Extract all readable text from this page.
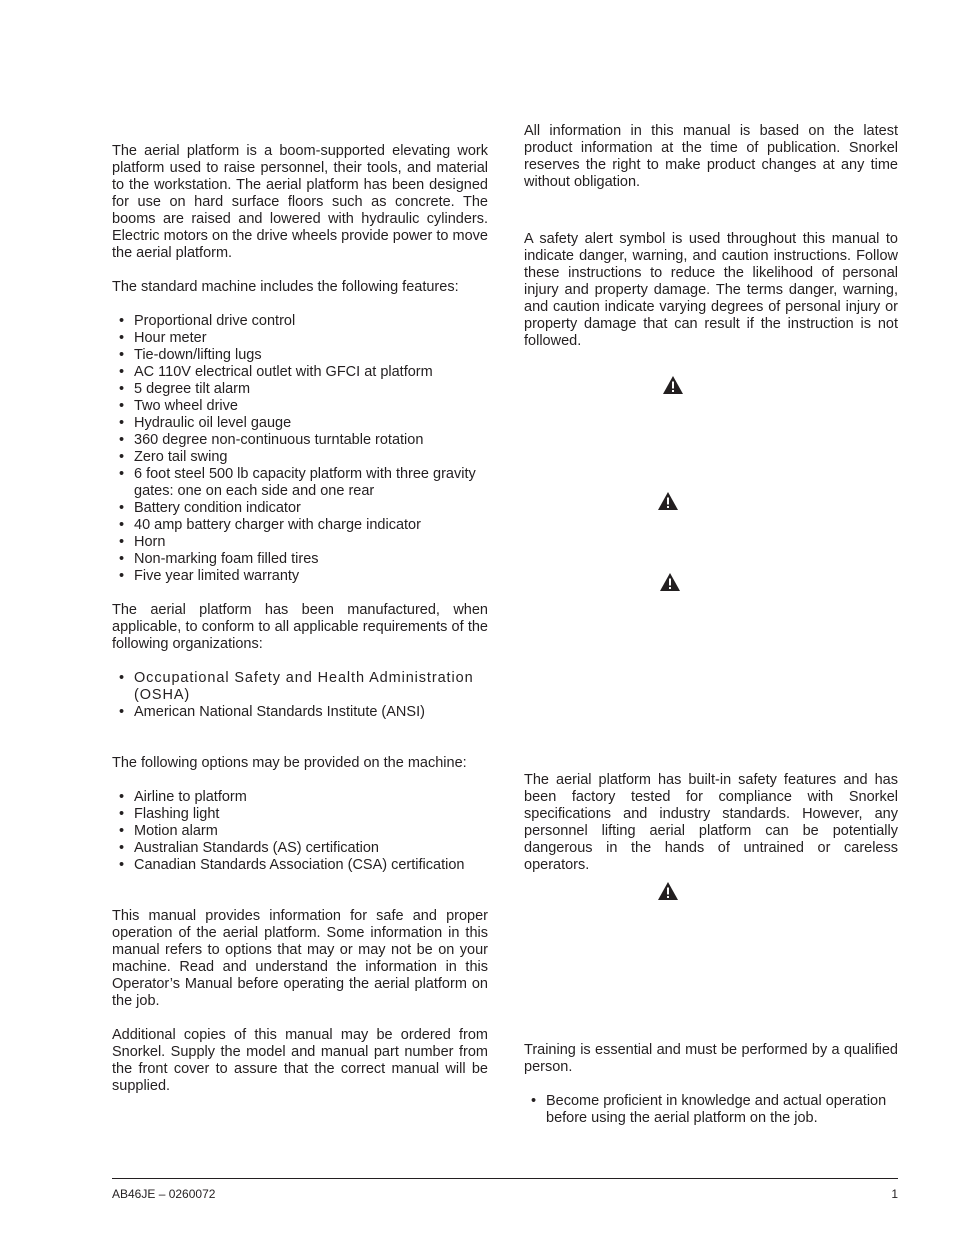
The aerial platform is a boom-supported elevating work platform used to raise personnel, their tools, and material to the workstation. The aerial platform has been designed for use on hard surface floors such as concrete. The booms are raised and lowered with hydraulic cylinders. Electric motors on the drive wheels provide power to move the aerial platform.

The standard machine includes the following features:

• Proportional drive control
• Hour meter
• Tie-down/lifting lugs
• AC 110V electrical outlet with GFCI at platform
• 5 degree tilt alarm
• Two wheel drive
• Hydraulic oil level gauge
• 360 degree non-continuous turntable rotation
• Zero tail swing
• 6 foot steel 500 lb capacity platform with three gravity gates: one on each side and one rear
• Battery condition indicator
• 40 amp battery charger with charge indicator
• Horn
• Non-marking foam filled tires
• Five year limited warranty

The aerial platform has been manufactured, when applicable, to conform to all applicable requirements of the following organizations:

• Occupational Safety and Health Administration (OSHA)
• American National Standards Institute (ANSI)

The following options may be provided on the machine:

• Airline to platform
• Flashing light
• Motion alarm
• Australian Standards (AS) certification
• Canadian Standards Association (CSA) certification

This manual provides information for safe and proper operation of the aerial platform. Some information in this manual refers to options that may or may not be on your machine. Read and understand the information in this Operator’s Manual before operating the aerial platform on the job.

Additional copies of this manual may be ordered from Snorkel. Supply the model and manual part number from the front cover to assure that the correct manual will be supplied.

All information in this manual is based on the latest product information at the time of publication. Snorkel reserves the right to make product changes at any time without obligation.

A safety alert symbol is used throughout this manual to indicate danger, warning, and caution instructions. Follow these instructions to reduce the likelihood of personal injury and property damage. The terms danger, warning, and caution indicate varying degrees of personal injury or property damage that can result if the instruction is not followed.

The aerial platform has built-in safety features and has been factory tested for compliance with Snorkel specifications and industry standards. However, any personnel lifting aerial platform can be potentially dangerous in the hands of untrained or careless operators.

Training is essential and must be performed by a qualified person.

• Become proficient in knowledge and actual operation before using the aerial platform on the job.
AB46JE – 0260072	1
